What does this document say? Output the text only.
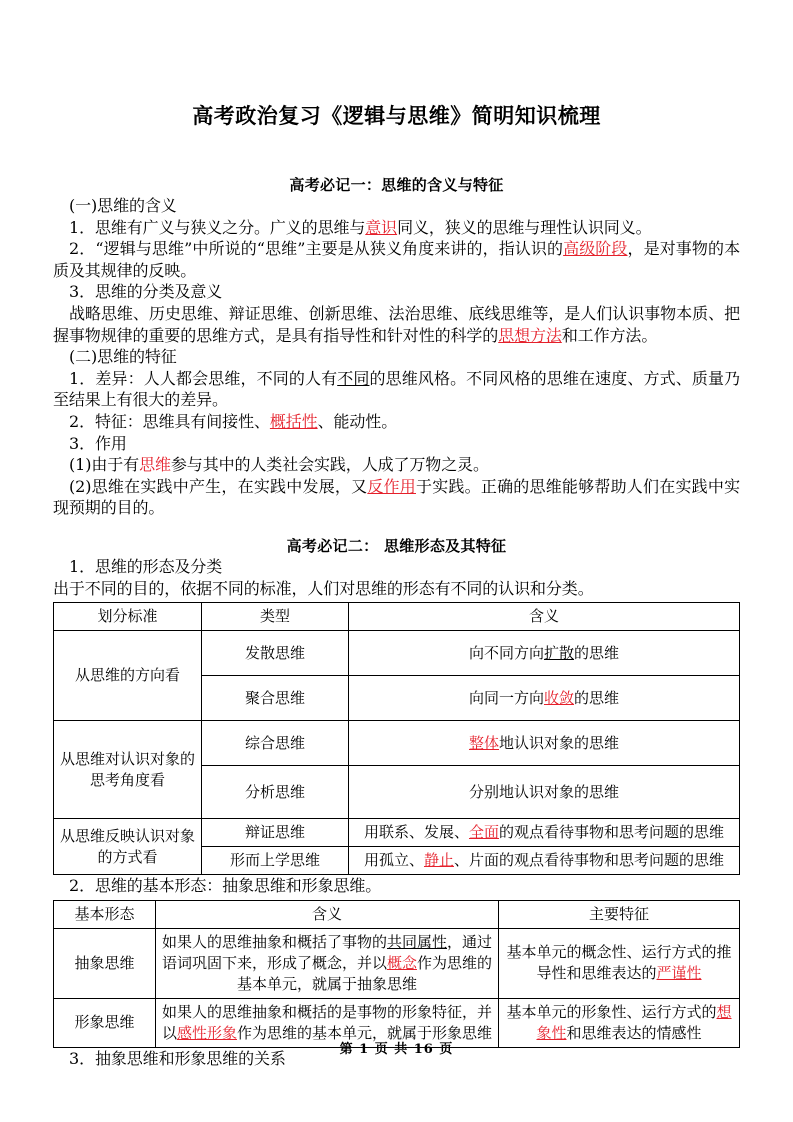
高考政治复习《逻辑与思维》简明知识梳理
高考必记一：思维的含义与特征

(一)思维的含义

1．思维有广义与狭义之分。广义的思维与意识同义，狭义的思维与理性认识同义。

2．“逻辑与思维”中所说的“思维”主要是从狭义角度来讲的，指认识的高级阶段，是对事物的本质及其规律的反映。

3．思维的分类及意义

战略思维、历史思维、辩证思维、创新思维、法治思维、底线思维等，是人们认识事物本质、把握事物规律的重要的思维方式，是具有指导性和针对性的科学的思想方法和工作方法。

(二)思维的特征

1．差异：人人都会思维，不同的人有不同的思维风格。不同风格的思维在速度、方式、质量乃至结果上有很大的差异。

2．特征：思维具有间接性、概括性、能动性。

3．作用

(1)由于有思维参与其中的人类社会实践，人成了万物之灵。

(2)思维在实践中产生，在实践中发展，又反作用于实践。正确的思维能够帮助人们在实践中实现预期的目的。

高考必记二： 思维形态及其特征

1．思维的形态及分类

出于不同的目的，依据不同的标准，人们对思维的形态有不同的认识和分类。

划分标准	类型	含义
从思维的方向看	发散思维	向不同方向扩散的思维
	聚合思维	向同一方向收敛的思维
从思维对认识对象的思考角度看	综合思维	整体地认识对象的思维
	分析思维	分别地认识对象的思维
从思维反映认识对象的方式看	辩证思维	用联系、发展、全面的观点看待事物和思考问题的思维
	形而上学思维	用孤立、静止、片面的观点看待事物和思考问题的思维

2．思维的基本形态：抽象思维和形象思维。

基本形态	含义	主要特征
抽象思维	如果人的思维抽象和概括了事物的共同属性，通过语词巩固下来，形成了概念，并以概念作为思维的基本单元，就属于抽象思维	基本单元的概念性、运行方式的推导性和思维表达的严谨性
形象思维	如果人的思维抽象和概括的是事物的形象特征，并以感性形象作为思维的基本单元，就属于形象思维	基本单元的形象性、运行方式的想象性和思维表达的情感性

3．抽象思维和形象思维的关系	第 1 页 共 16 页
